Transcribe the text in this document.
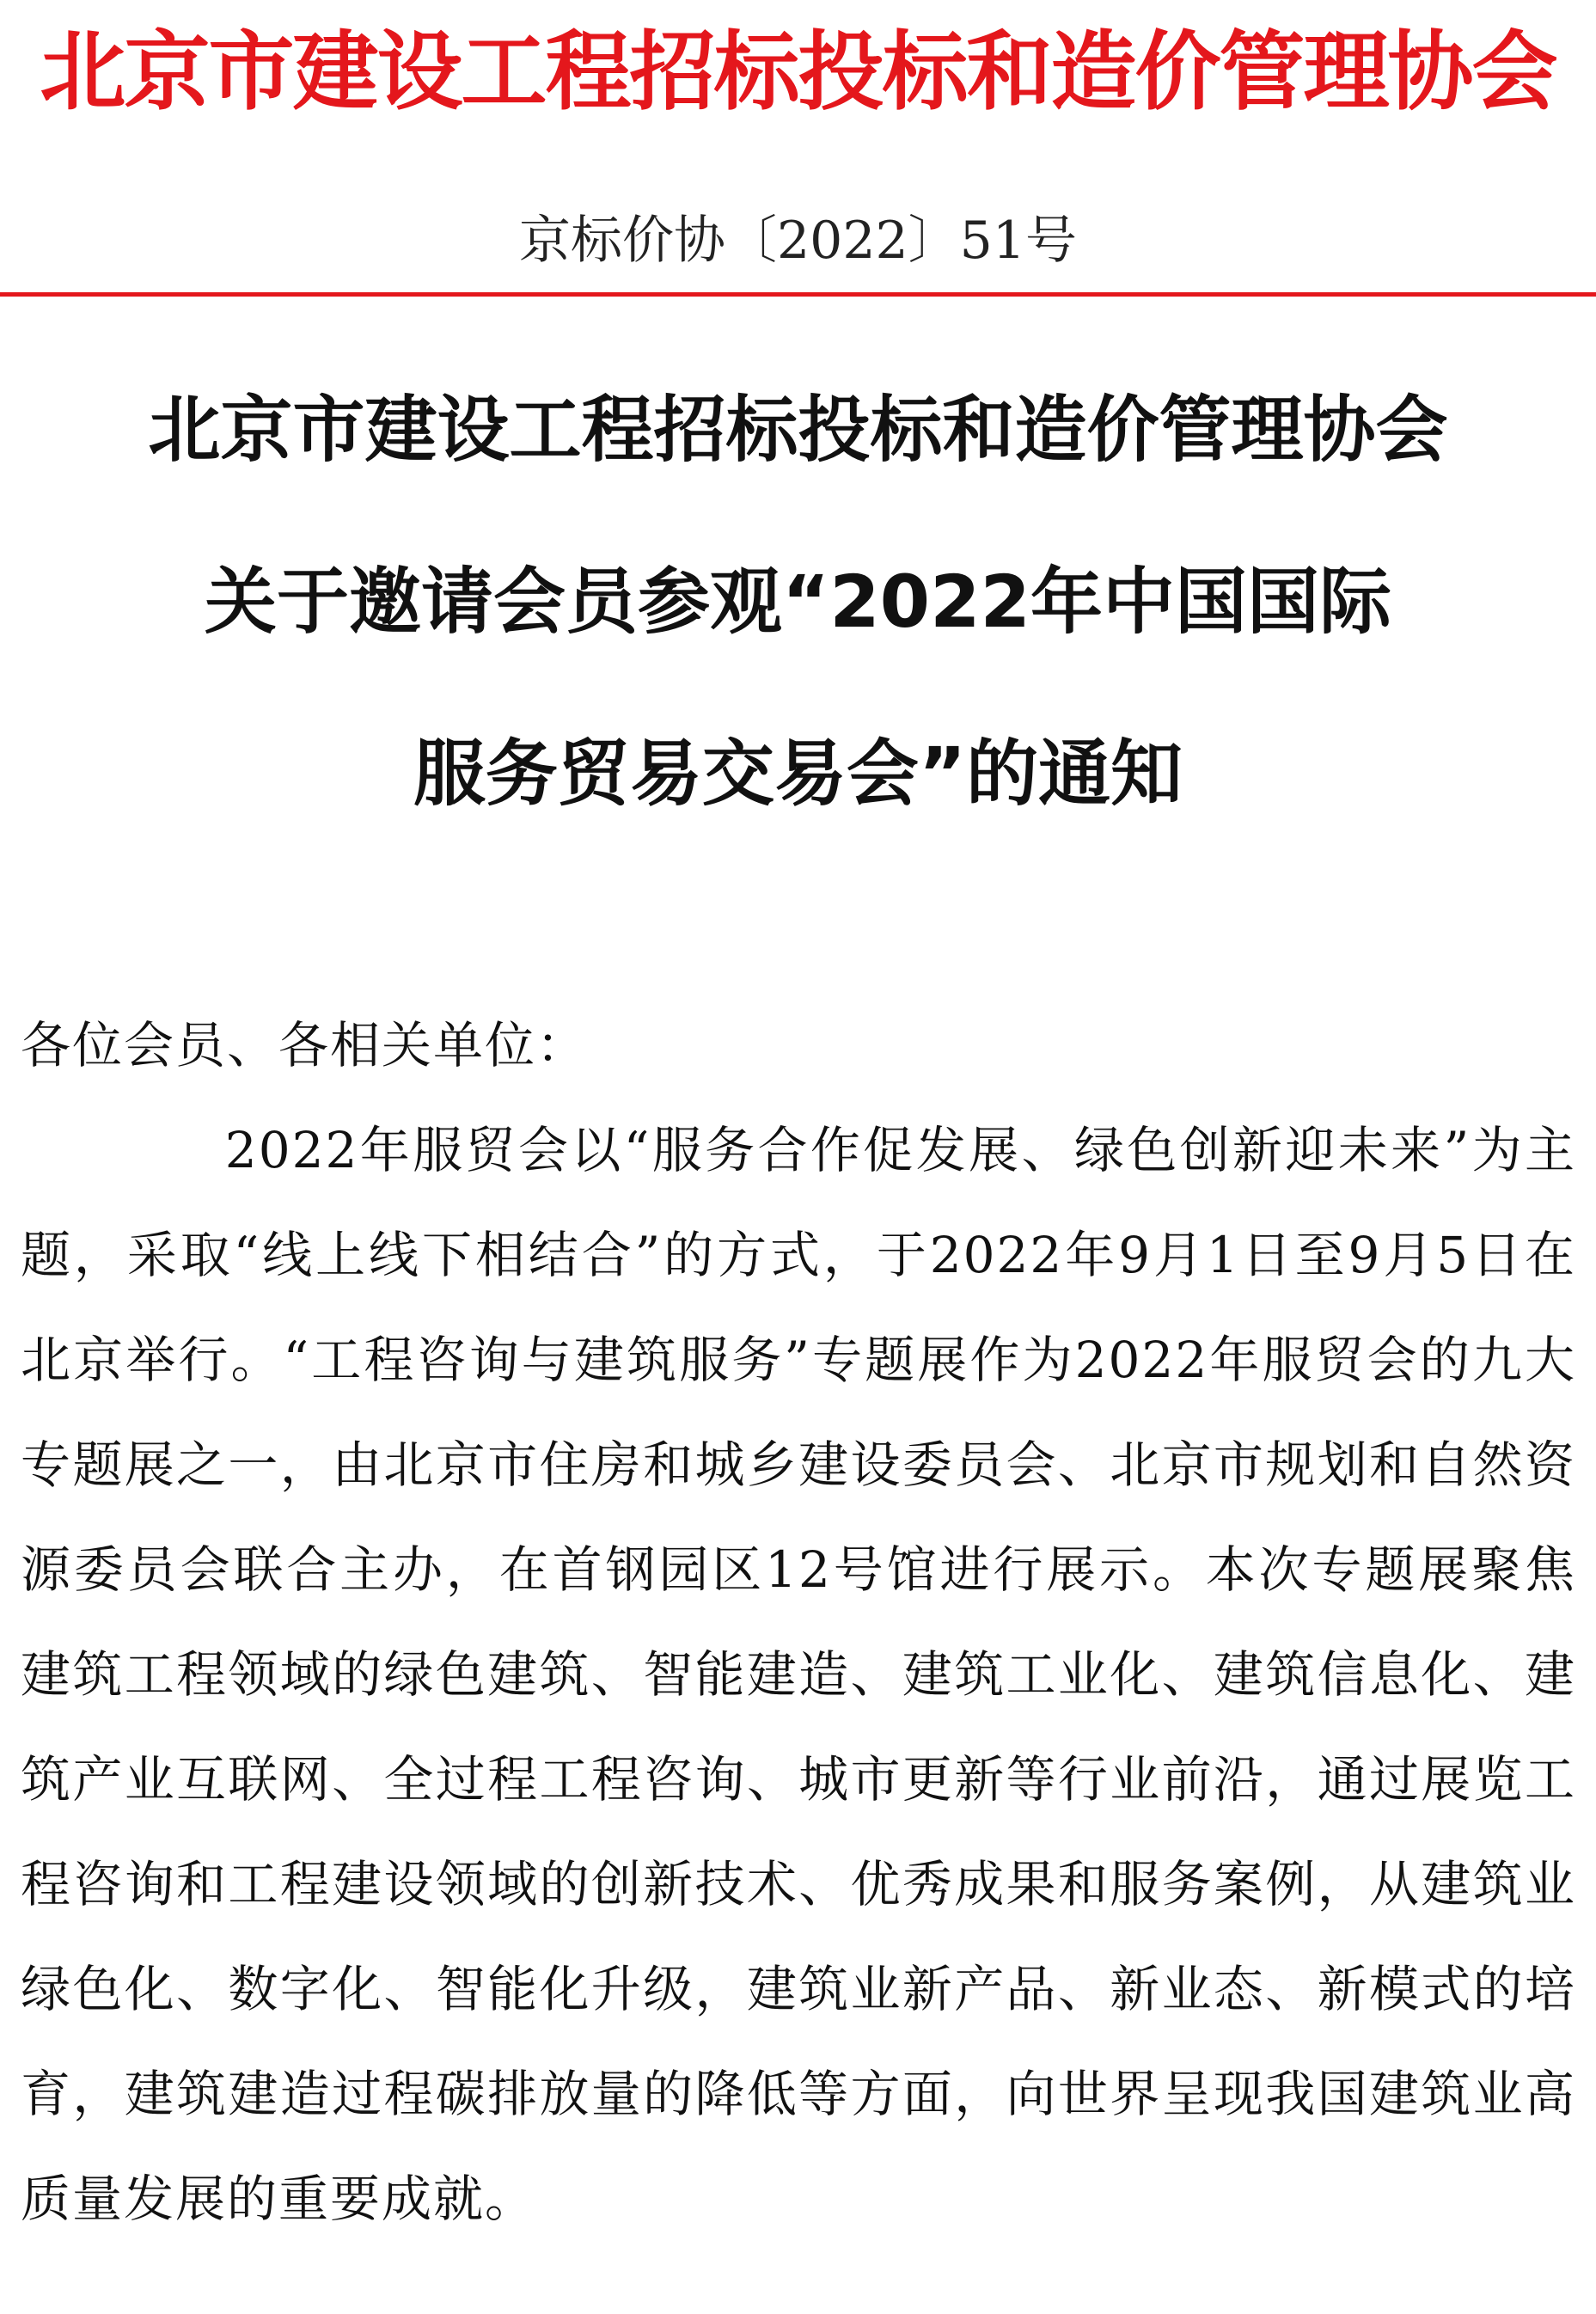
北京市建设工程招标投标和造价管理协会
京标价协〔2022〕51号
北京市建设工程招标投标和造价管理协会
关于邀请会员参观“2022年中国国际
服务贸易交易会”的通知
各位会员、各相关单位：
2022年服贸会以“服务合作促发展、绿色创新迎未来”为主题，采取“线上线下相结合”的方式，于2022年9月1日至9月5日在北京举行。“工程咨询与建筑服务”专题展作为2022年服贸会的九大专题展之一，由北京市住房和城乡建设委员会、北京市规划和自然资源委员会联合主办，在首钢园区12号馆进行展示。本次专题展聚焦建筑工程领域的绿色建筑、智能建造、建筑工业化、建筑信息化、建筑产业互联网、全过程工程咨询、城市更新等行业前沿，通过展览工程咨询和工程建设领域的创新技术、优秀成果和服务案例，从建筑业绿色化、数字化、智能化升级，建筑业新产品、新业态、新模式的培育，建筑建造过程碳排放量的降低等方面，向世界呈现我国建筑业高质量发展的重要成就。
